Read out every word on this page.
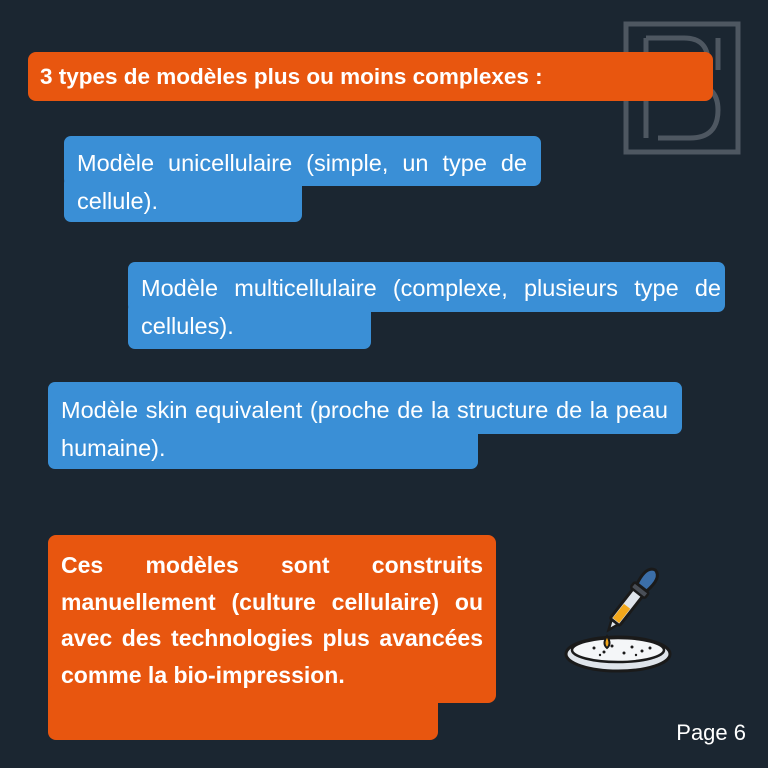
3 types de modèles plus ou moins complexes :
Modèle unicellulaire (simple, un type de cellule).
Modèle multicellulaire (complexe, plusieurs type de cellules).
Modèle skin equivalent (proche de la structure de la peau humaine).
Ces modèles sont construits manuellement (culture cellulaire) ou avec des technologies plus avancées comme la bio-impression.
Page 6
